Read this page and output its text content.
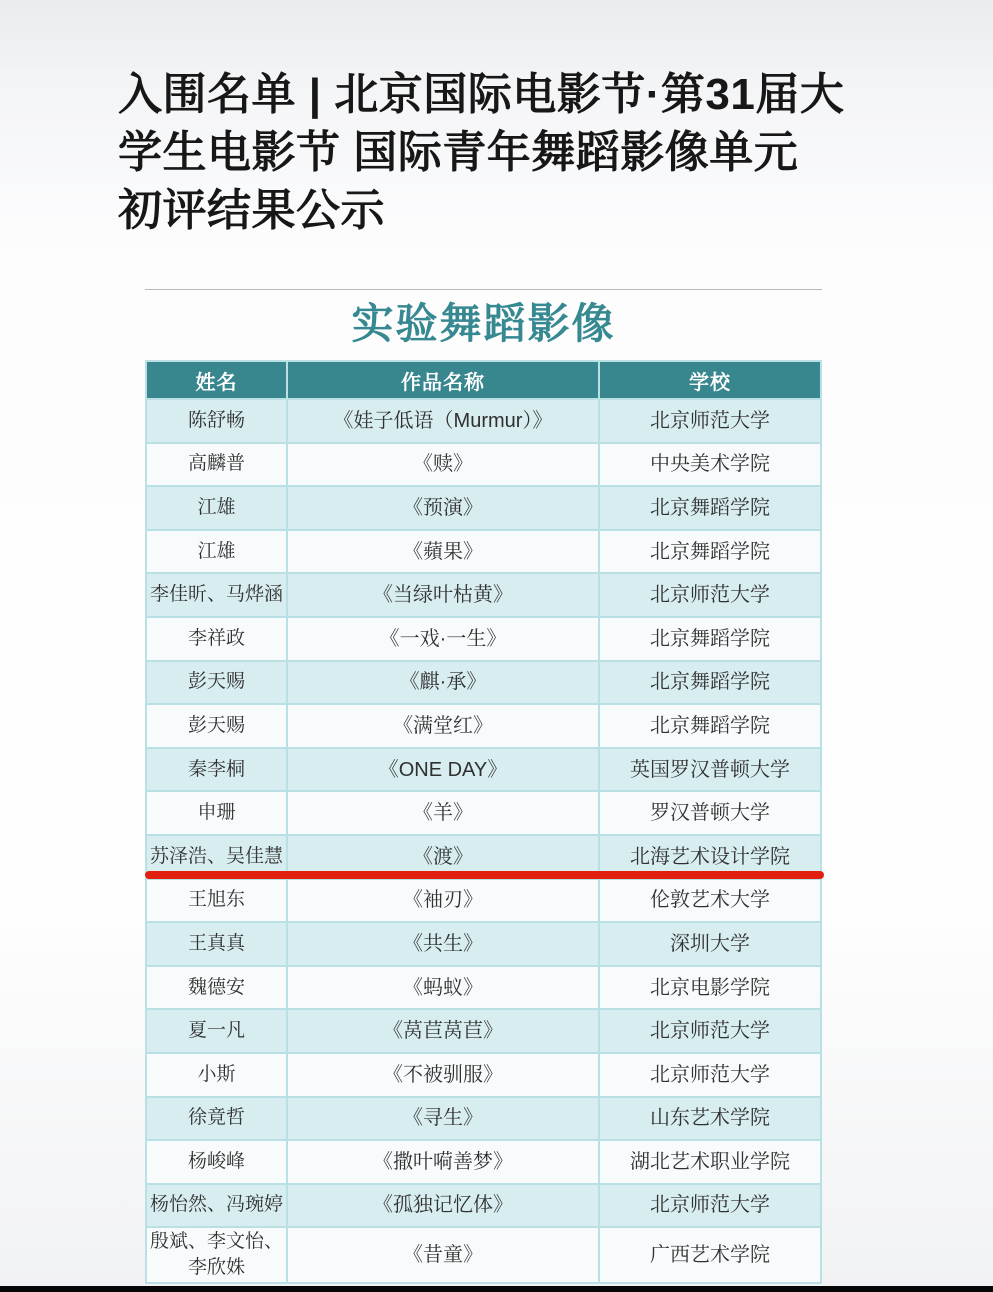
入围名单 | 北京国际电影节·第31届大
学生电影节 国际青年舞蹈影像单元
初评结果公示
实验舞蹈影像
姓名	作品名称	学校
陈舒畅	《娃子低语（Murmur）》	北京师范大学
高麟普	《赎》	中央美术学院
江雄	《预演》	北京舞蹈学院
江雄	《蘋果》	北京舞蹈学院
李佳昕、马烨涵	《当绿叶枯黄》	北京师范大学
李祥政	《一戏·一生》	北京舞蹈学院
彭天赐	《麒·承》	北京舞蹈学院
彭天赐	《满堂红》	北京舞蹈学院
秦李桐	《ONE DAY》	英国罗汉普顿大学
申珊	《羊》	罗汉普顿大学
苏泽浩、吴佳慧	《渡》	北海艺术设计学院
王旭东	《袖刃》	伦敦艺术大学
王真真	《共生》	深圳大学
魏德安	《蚂蚁》	北京电影学院
夏一凡	《莴苣莴苣》	北京师范大学
小斯	《不被驯服》	北京师范大学
徐竟哲	《寻生》	山东艺术学院
杨峻峰	《撒叶嗬善梦》	湖北艺术职业学院
杨怡然、冯琬婷	《孤独记忆体》	北京师范大学
殷斌、李文怡、李欣姝	《昔童》	广西艺术学院
